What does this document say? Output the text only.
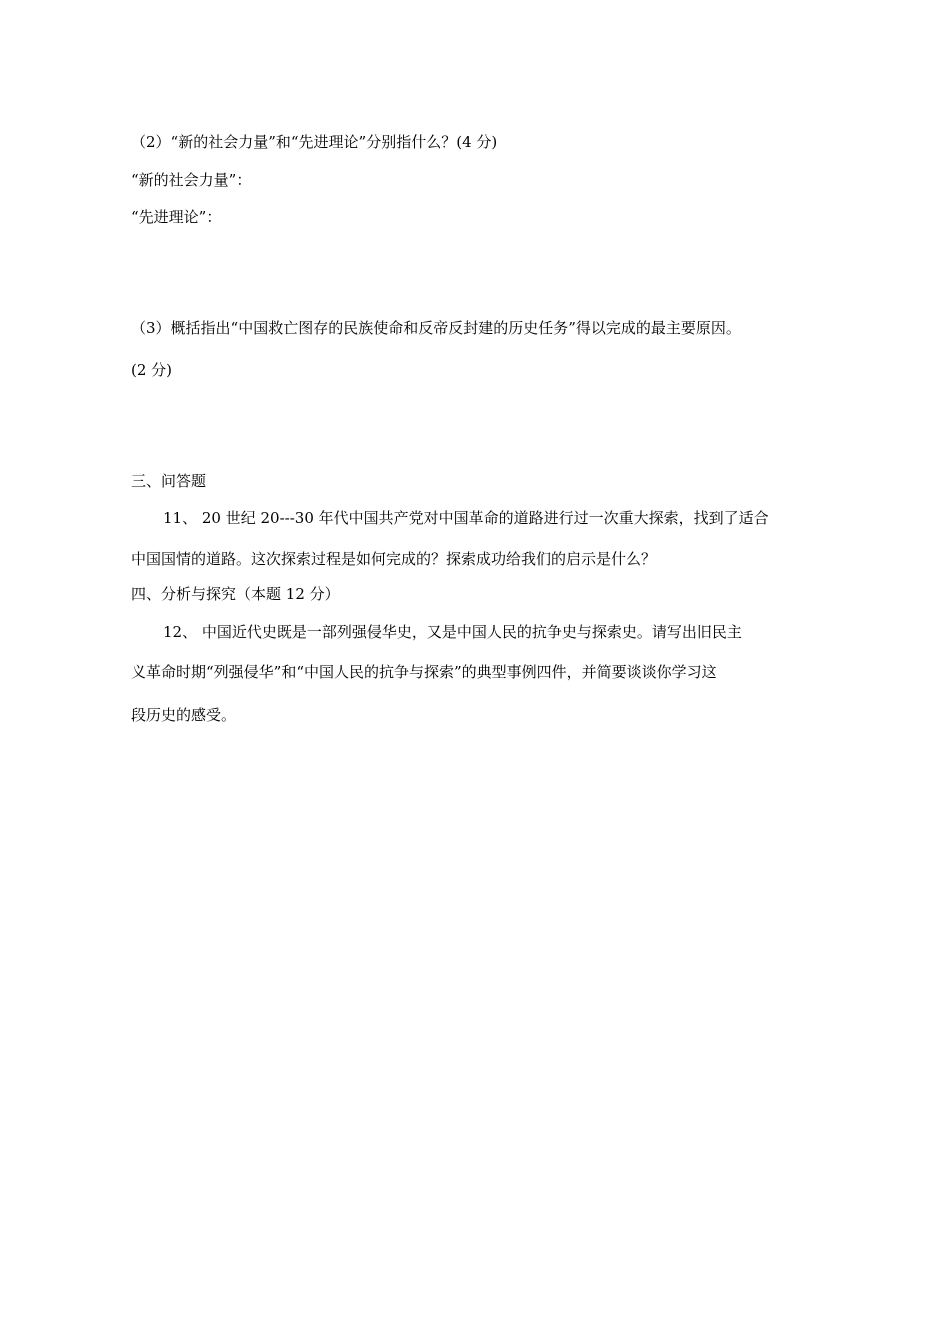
（2）“新的社会力量”和“先进理论”分别指什么？(4 分)
“新的社会力量”：
“先进理论”：
（3）概括指出“中国救亡图存的民族使命和反帝反封建的历史任务”得以完成的最主要原因。
(2 分)
三、问答题
11、 20 世纪 20---30 年代中国共产党对中国革命的道路进行过一次重大探索，找到了适合
中国国情的道路。这次探索过程是如何完成的？探索成功给我们的启示是什么？
四、分析与探究（本题 12 分）
12、 中国近代史既是一部列强侵华史，又是中国人民的抗争史与探索史。请写出旧民主
义革命时期“列强侵华”和“中国人民的抗争与探索”的典型事例四件，并简要谈谈你学习这
段历史的感受。
